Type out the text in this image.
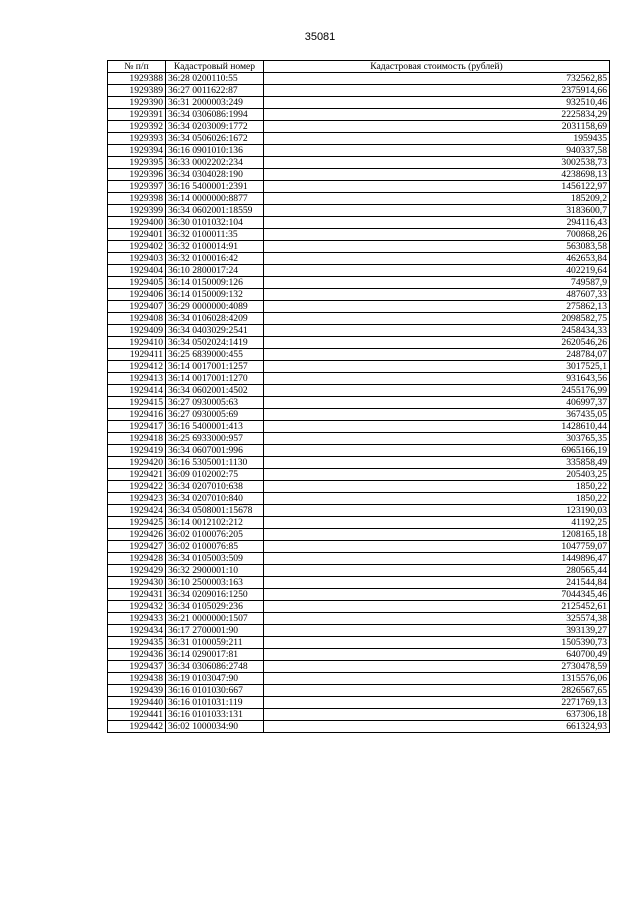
35081
№ п/п	Кадастровый номер	Кадастровая стоимость (рублей)
1929388	36:28 0200110:55	732562,85
1929389	36:27 0011622:87	2375914,66
1929390	36:31 2000003:249	932510,46
1929391	36:34 0306086:1994	2225834,29
1929392	36:34 0203009:1772	2031158,69
1929393	36:34 0506026:1672	1959435
1929394	36:16 0901010:136	940337,58
1929395	36:33 0002202:234	3002538,73
1929396	36:34 0304028:190	4238698,13
1929397	36:16 5400001:2391	1456122,97
1929398	36:14 0000000:8877	185209,2
1929399	36:34 0602001:18559	3183600,7
1929400	36:30 0101032:104	294116,43
1929401	36:32 0100011:35	700868,26
1929402	36:32 0100014:91	563083,58
1929403	36:32 0100016:42	462653,84
1929404	36:10 2800017:24	402219,64
1929405	36:14 0150009:126	749587,9
1929406	36:14 0150009:132	487607,33
1929407	36:29 0000000:4089	275862,13
1929408	36:34 0106028:4209	2098582,75
1929409	36:34 0403029:2541	2458434,33
1929410	36:34 0502024:1419	2620546,26
1929411	36:25 6839000:455	248784,07
1929412	36:14 0017001:1257	3017525,1
1929413	36:14 0017001:1270	931643,56
1929414	36:34 0602001:4502	2455176,99
1929415	36:27 0930005:63	406997,37
1929416	36:27 0930005:69	367435,05
1929417	36:16 5400001:413	1428610,44
1929418	36:25 6933000:957	303765,35
1929419	36:34 0607001:996	6965166,19
1929420	36:16 5305001:1130	335858,49
1929421	36:09 0102002:75	205403,25
1929422	36:34 0207010:638	1850,22
1929423	36:34 0207010:840	1850,22
1929424	36:34 0508001:15678	123190,03
1929425	36:14 0012102:212	41192,25
1929426	36:02 0100076:205	1208165,18
1929427	36:02 0100076:85	1047759,07
1929428	36:34 0105003:509	1449896,47
1929429	36:32 2900001:10	280565,44
1929430	36:10 2500003:163	241544,84
1929431	36:34 0209016:1250	7044345,46
1929432	36:34 0105029:236	2125452,61
1929433	36:21 0000000:1507	325574,38
1929434	36:17 2700001:90	393139,27
1929435	36:31 0100059:211	1505390,73
1929436	36:14 0290017:81	640700,49
1929437	36:34 0306086:2748	2730478,59
1929438	36:19 0103047:90	1315576,06
1929439	36:16 0101030:667	2826567,65
1929440	36:16 0101031:119	2271769,13
1929441	36:16 0101033:131	637306,18
1929442	36:02 1000034:90	661324,93
